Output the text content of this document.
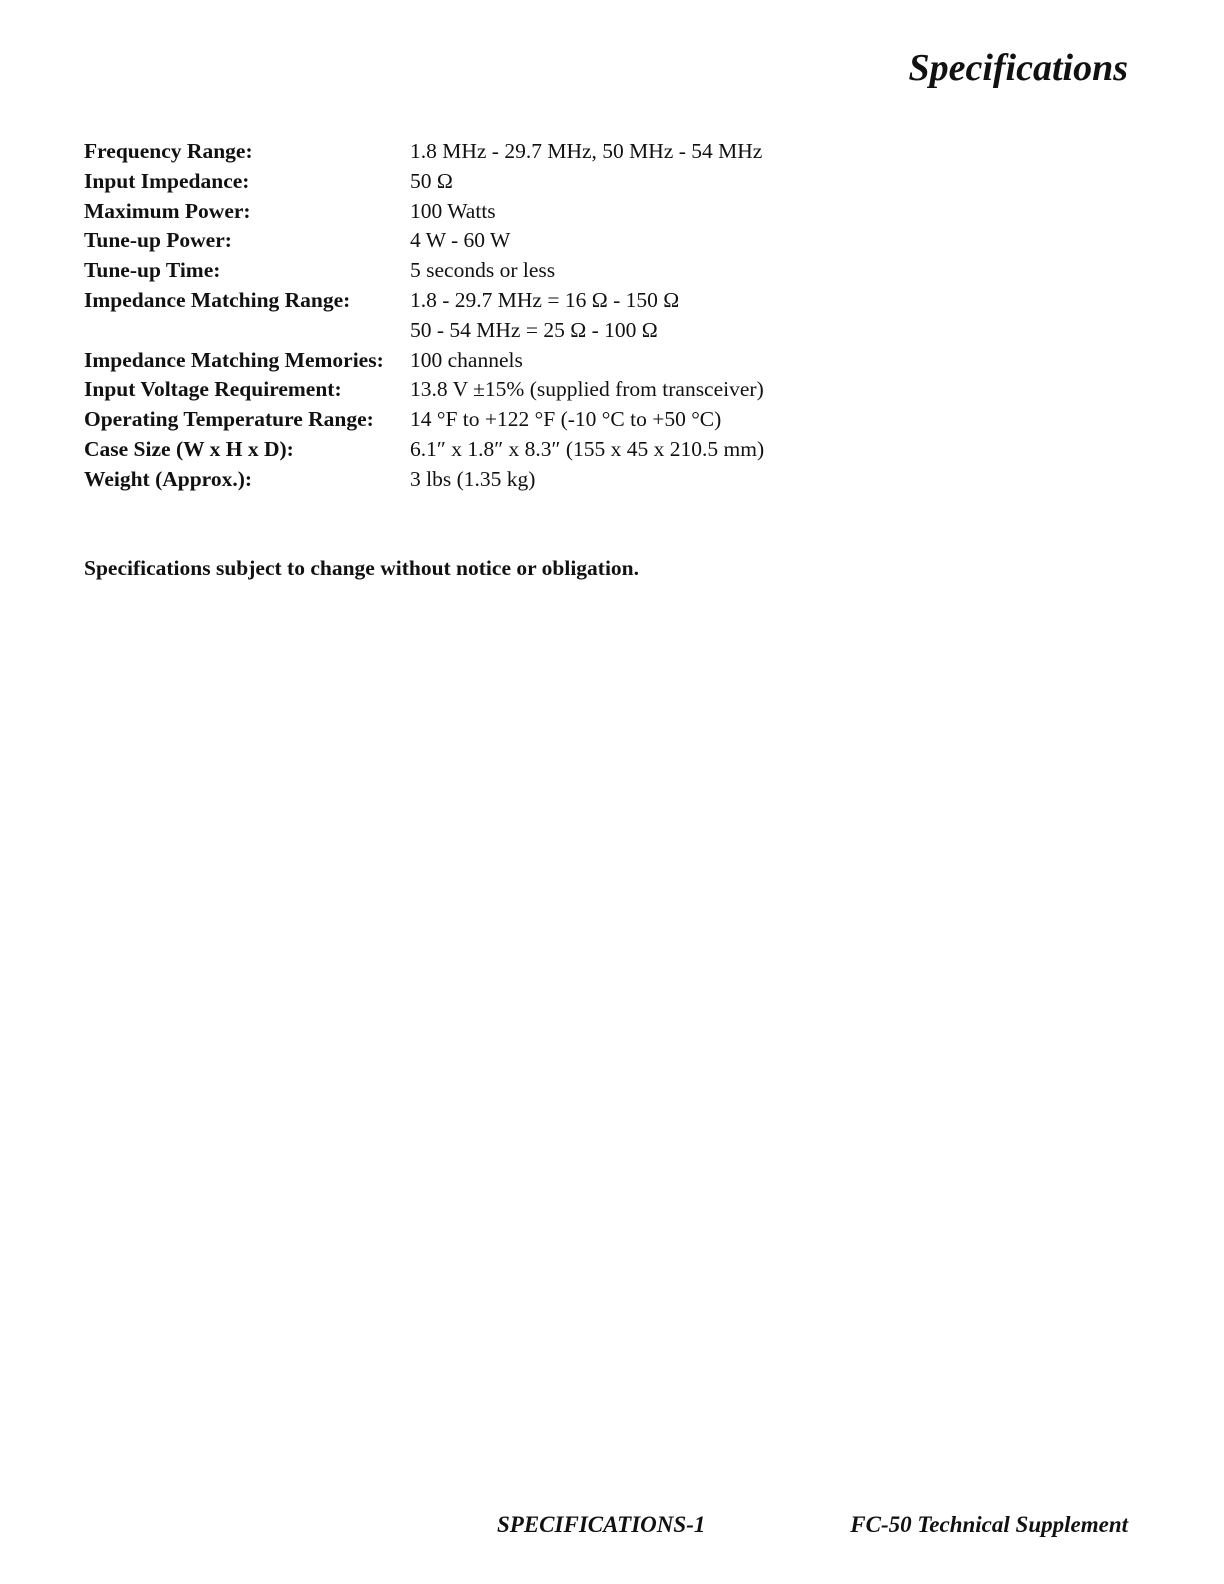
Specifications
Frequency Range:	1.8 MHz - 29.7 MHz, 50 MHz - 54 MHz
Input Impedance:	50 Ω
Maximum Power:	100 Watts
Tune-up Power:	4 W - 60 W
Tune-up Time:	5 seconds or less
Impedance Matching Range:	1.8 - 29.7 MHz = 16 Ω - 150 Ω
50 - 54 MHz = 25 Ω - 100 Ω
Impedance Matching Memories:	100 channels
Input Voltage Requirement:	13.8 V ±15% (supplied from transceiver)
Operating Temperature Range:	14 °F to +122 °F (-10 °C to +50 °C)
Case Size (W x H x D):	6.1″ x 1.8″ x 8.3″ (155 x 45 x 210.5 mm)
Weight (Approx.):	3 lbs (1.35 kg)

Specifications subject to change without notice or obligation.

SPECIFICATIONS-1	FC-50 Technical Supplement
